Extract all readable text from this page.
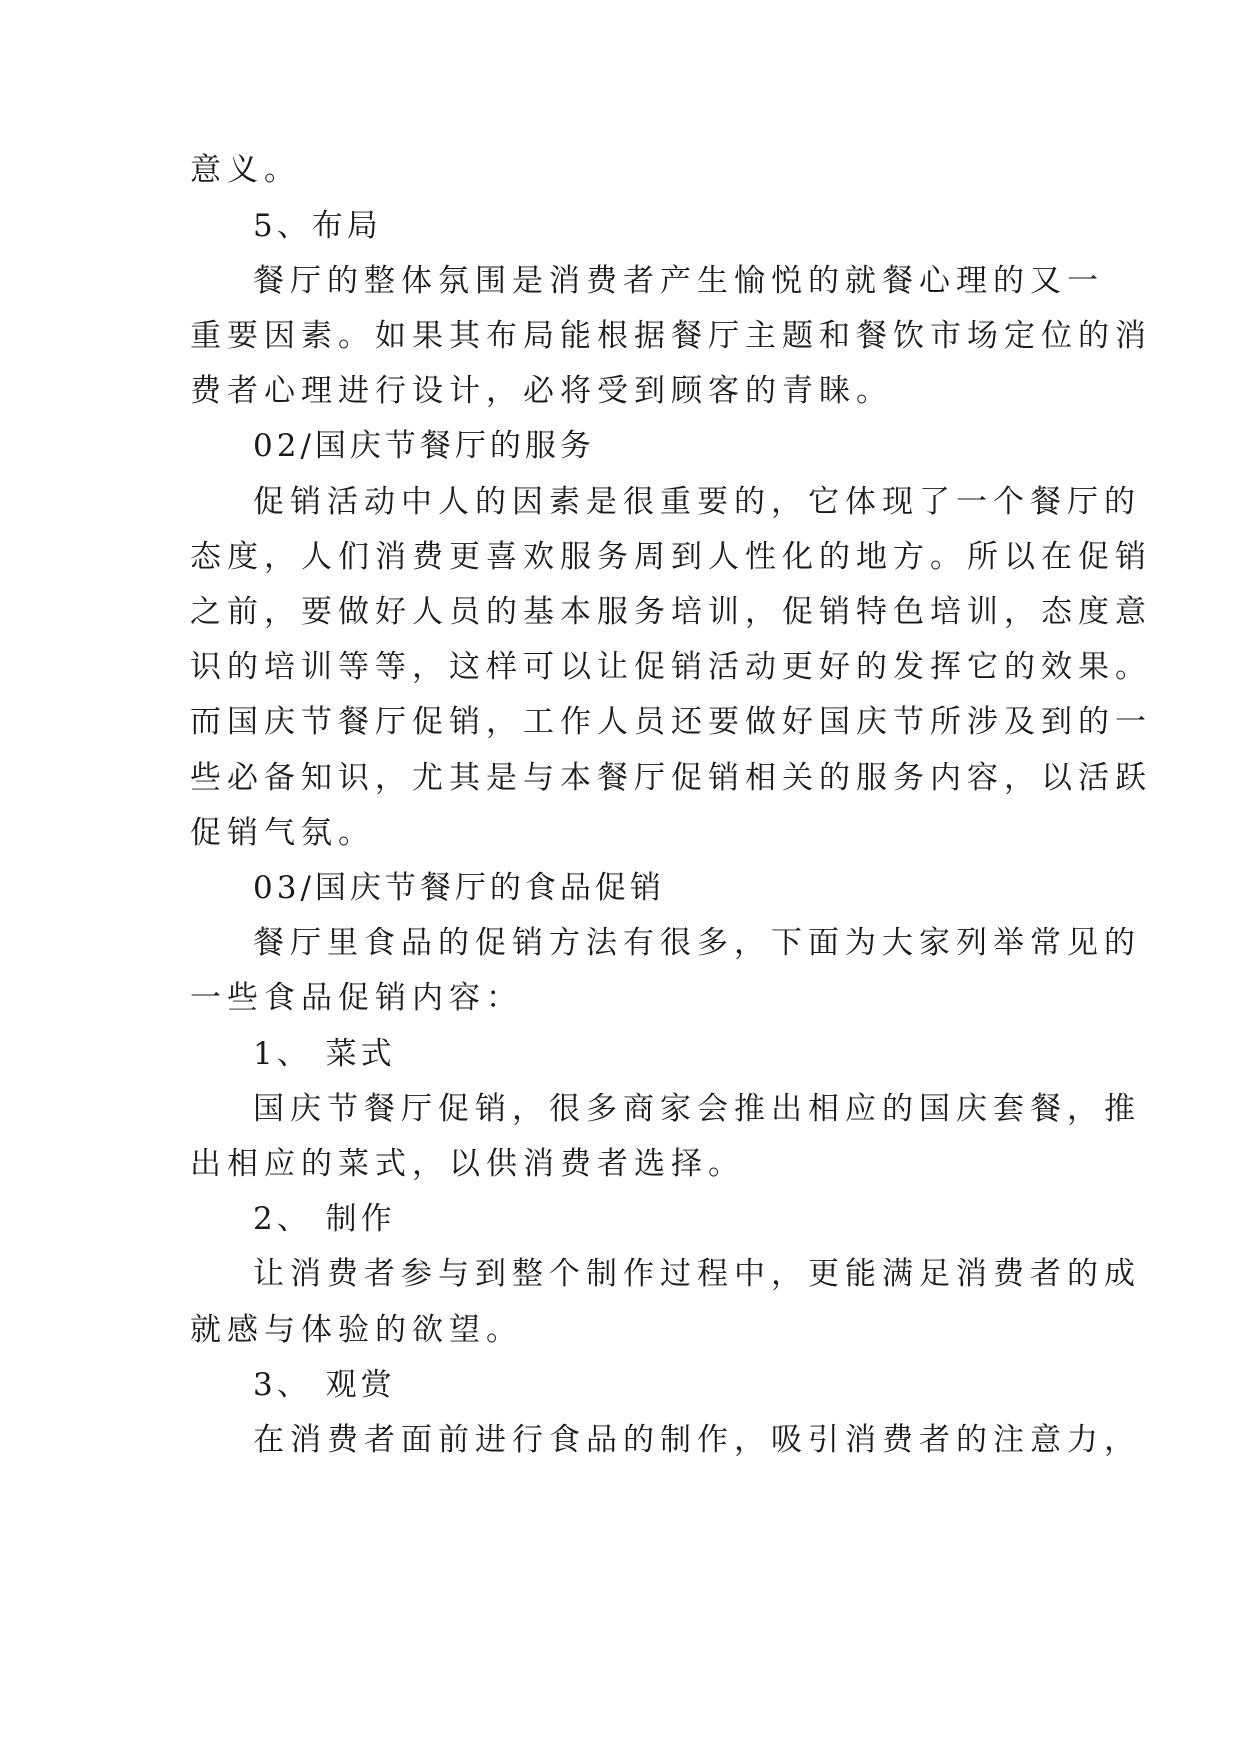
意义。
5、布局
餐厅的整体氛围是消费者产生愉悦的就餐心理的又一
重要因素。如果其布局能根据餐厅主题和餐饮市场定位的消
费者心理进行设计，必将受到顾客的青睐。
02/国庆节餐厅的服务
促销活动中人的因素是很重要的，它体现了一个餐厅的
态度，人们消费更喜欢服务周到人性化的地方。所以在促销
之前，要做好人员的基本服务培训，促销特色培训，态度意
识的培训等等，这样可以让促销活动更好的发挥它的效果。
而国庆节餐厅促销，工作人员还要做好国庆节所涉及到的一
些必备知识，尤其是与本餐厅促销相关的服务内容，以活跃
促销气氛。
03/国庆节餐厅的食品促销
餐厅里食品的促销方法有很多，下面为大家列举常见的
一些食品促销内容：
1、 菜式
国庆节餐厅促销，很多商家会推出相应的国庆套餐，推
出相应的菜式，以供消费者选择。
2、 制作
让消费者参与到整个制作过程中，更能满足消费者的成
就感与体验的欲望。
3、 观赏
在消费者面前进行食品的制作，吸引消费者的注意力，
